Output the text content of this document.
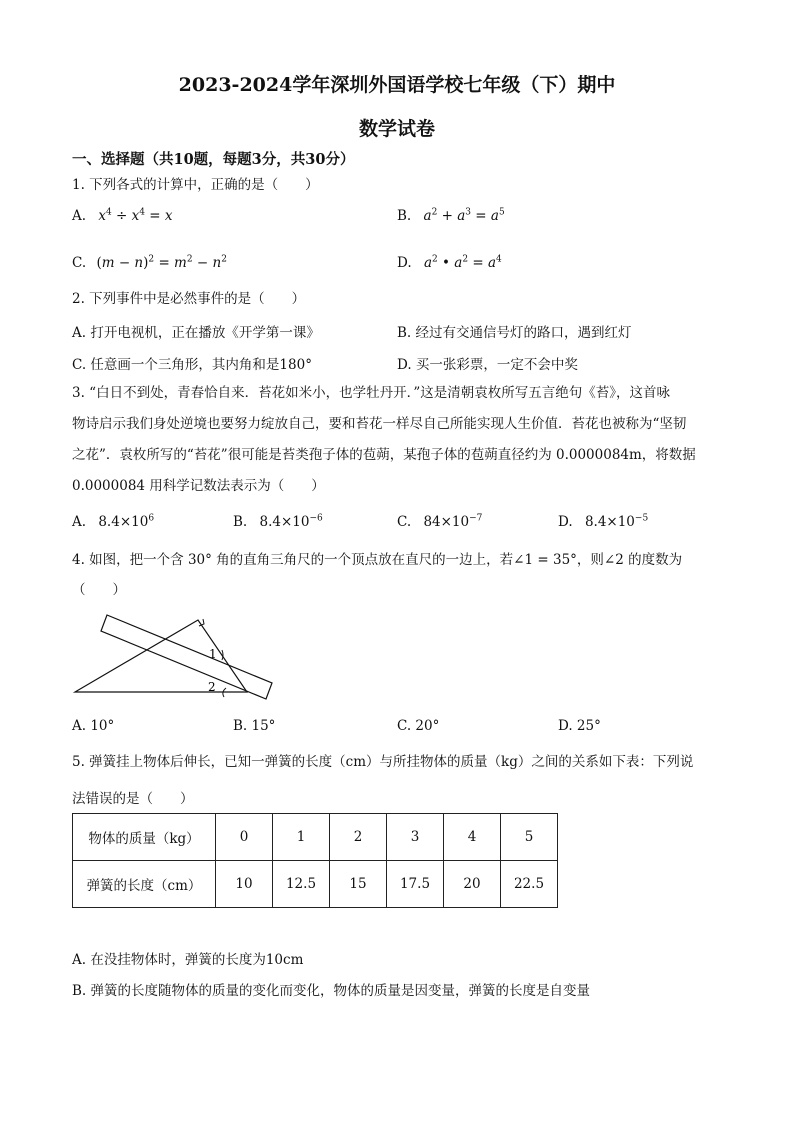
2023-2024学年深圳外国语学校七年级（下）期中
数学试卷
一、选择题（共10题，每题3分，共30分）
1. 下列各式的计算中，正确的是（　　）
A. $x^4 \div x^4 = x$	B. $a^2 + a^3 = a^5$
C. $(m - n)^2 = m^2 - n^2$	D. $a^2$ • $a^2 = a^4$
2. 下列事件中是必然事件的是（　　）
A. 打开电视机，正在播放《开学第一课》	B. 经过有交通信号灯的路口，遇到红灯
C. 任意画一个三角形，其内角和是180°	D. 买一张彩票，一定不会中奖
3. “白日不到处，青春恰自来．苔花如米小，也学牡丹开．”这是清朝袁枚所写五言绝句《苔》，这首咏
物诗启示我们身处逆境也要努力绽放自己，要和苔花一样尽自己所能实现人生价值．苔花也被称为“坚韧
之花”．袁枚所写的“苔花”很可能是苔类孢子体的苞蒴，某孢子体的苞蒴直径约为 0.0000084m，将数据
0.0000084 用科学记数法表示为（　　）
A. $8.4\times 10^6$	B. $8.4\times 10^{-6}$	C. $84\times 10^{-7}$	D. $8.4\times 10^{-5}$
4. 如图，把一个含 30° 角的直角三角尺的一个顶点放在直尺的一边上，若∠1 = 35°，则∠2 的度数为
（　　）
1
2
A. 10°	B. 15°	C. 20°	D. 25°
5. 弹簧挂上物体后伸长，已知一弹簧的长度（cm）与所挂物体的质量（kg）之间的关系如下表：下列说
法错误的是（　　）
物体的质量（kg）	0	1	2	3	4	5
弹簧的长度（cm）	10	12.5	15	17.5	20	22.5
A. 在没挂物体时，弹簧的长度为10cm
B. 弹簧的长度随物体的质量的变化而变化，物体的质量是因变量，弹簧的长度是自变量
